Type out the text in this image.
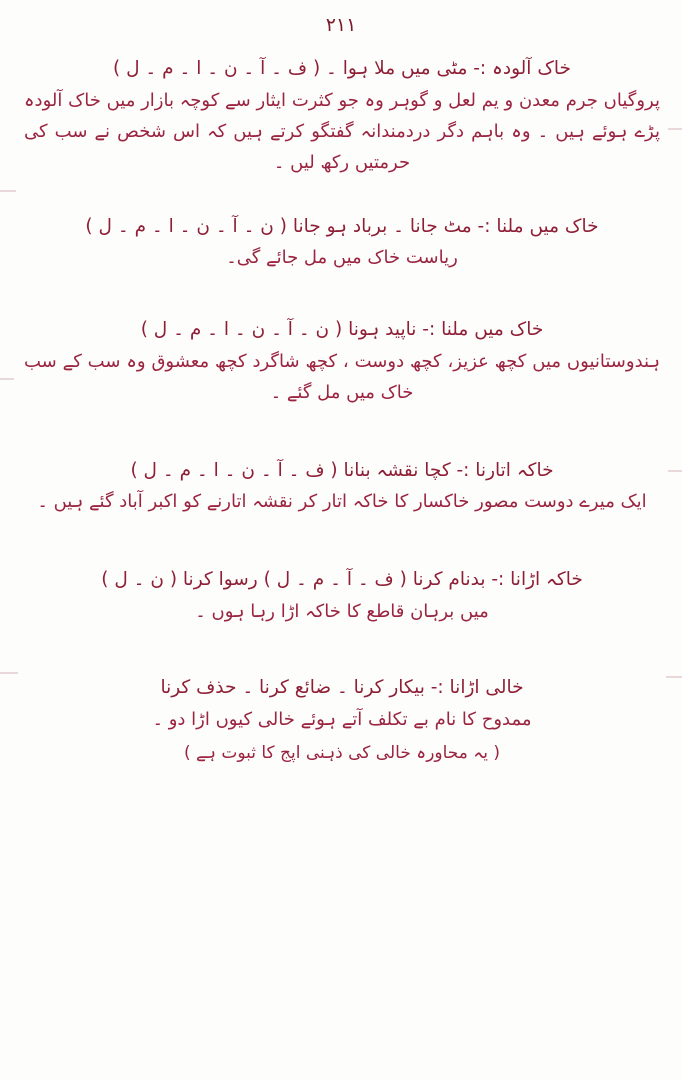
۲۱۱
خاک آلودہ :- مٹی میں ملا ہوا ۔ ( ف ۔ آ ۔ ن ۔ ا ۔ م ۔ ل )
پروگیاں جرم معدن و یم لعل و گوہر وہ جو کثرت ایثار سے کوچہ بازار میں خاک آلودہ پڑے ہوئے ہیں ۔ وہ باہم دگر دردمندانہ گفتگو کرتے ہیں کہ اس شخص نے سب کی حرمتیں رکھ لیں ۔
خاک میں ملنا :- مٹ جانا ۔ برباد ہو جانا ( ن ۔ آ ۔ ن ۔ ا ۔ م ۔ ل )
ریاست خاک میں مل جائے گی۔
خاک میں ملنا :- ناپید ہونا ( ن ۔ آ ۔ ن ۔ ا ۔ م ۔ ل )
ہندوستانیوں میں کچھ عزیز، کچھ دوست ، کچھ شاگرد کچھ معشوق وہ سب کے سب خاک میں مل گئے ۔
خاکہ اتارنا :- کچا نقشہ بنانا ( ف ۔ آ ۔ ن ۔ ا ۔ م ۔ ل )
ایک میرے دوست مصور خاکسار کا خاکہ اتار کر نقشہ اتارنے کو اکبر آباد گئے ہیں ۔
خاکہ اڑانا :- بدنام کرنا ( ف ۔ آ ۔ م ۔ ل ) رسوا کرنا ( ن ۔ ل )
میں برہان قاطع کا خاکہ اڑا رہا ہوں ۔
خالی اڑانا :- بیکار کرنا ۔ ضائع کرنا ۔ حذف کرنا
ممدوح کا نام بے تکلف آتے ہوئے خالی کیوں اڑا دو ۔
( یہ محاورہ خالی کی ذہنی اپج کا ثبوت ہے )
